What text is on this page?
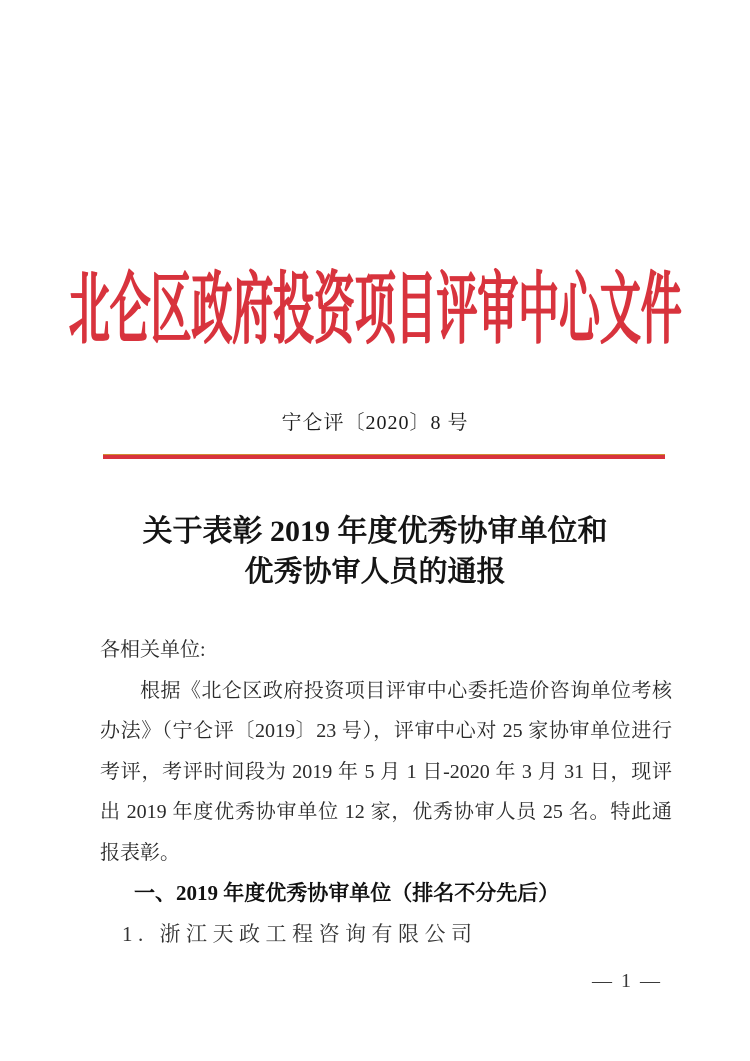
北仑区政府投资项目评审中心文件
宁仑评〔2020〕8 号
关于表彰 2019 年度优秀协审单位和
优秀协审人员的通报
各相关单位:
根据《北仑区政府投资项目评审中心委托造价咨询单位考核
办法》（宁仑评〔2019〕23 号），评审中心对 25 家协审单位进行
考评，考评时间段为 2019 年 5 月 1 日-2020 年 3 月 31 日，现评
出 2019 年度优秀协审单位 12 家，优秀协审人员 25 名。特此通
报表彰。
一、2019 年度优秀协审单位（排名不分先后）
1. 浙江天政工程咨询有限公司
— 1 —
